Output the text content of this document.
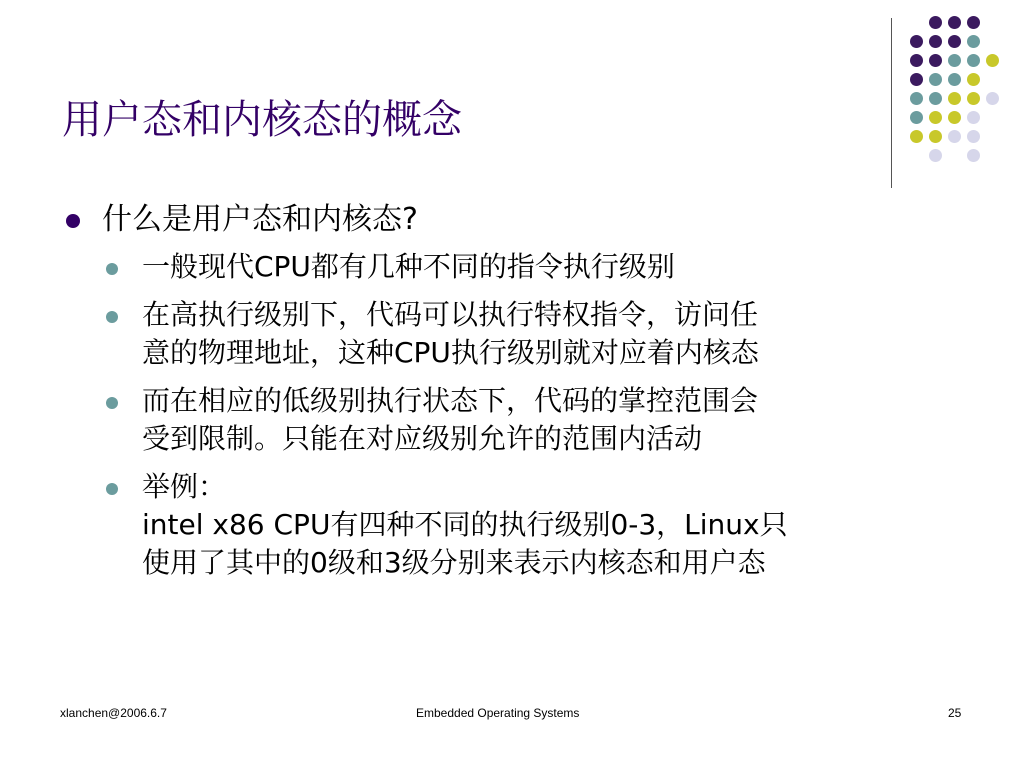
用户态和内核态的概念
什么是用户态和内核态?
一般现代CPU都有几种不同的指令执行级别
在高执行级别下，代码可以执行特权指令，访问任
意的物理地址，这种CPU执行级别就对应着内核态
而在相应的低级别执行状态下，代码的掌控范围会
受到限制。只能在对应级别允许的范围内活动
举例：
intel x86 CPU有四种不同的执行级别0-3，Linux只
使用了其中的0级和3级分别来表示内核态和用户态
xlanchen@2006.6.7	Embedded Operating Systems	25
